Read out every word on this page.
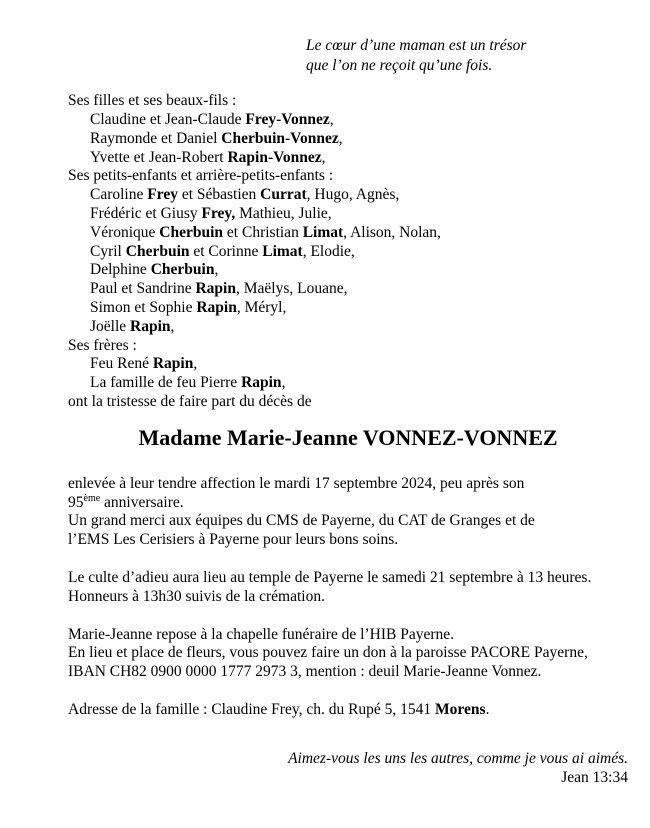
Le cœur d’une maman est un trésor
que l’on ne reçoit qu’une fois.
Ses filles et ses beaux-fils :
Claudine et Jean-Claude Frey-Vonnez,
Raymonde et Daniel Cherbuin-Vonnez,
Yvette et Jean-Robert Rapin-Vonnez,
Ses petits-enfants et arrière-petits-enfants :
Caroline Frey et Sébastien Currat, Hugo, Agnès,
Frédéric et Giusy Frey, Mathieu, Julie,
Véronique Cherbuin et Christian Limat, Alison, Nolan,
Cyril Cherbuin et Corinne Limat, Elodie,
Delphine Cherbuin,
Paul et Sandrine Rapin, Maëlys, Louane,
Simon et Sophie Rapin, Méryl,
Joëlle Rapin,
Ses frères :
Feu René Rapin,
La famille de feu Pierre Rapin,
ont la tristesse de faire part du décès de
Madame Marie-Jeanne VONNEZ-VONNEZ
enlevée à leur tendre affection le mardi 17 septembre 2024, peu après son
95ème anniversaire.
Un grand merci aux équipes du CMS de Payerne, du CAT de Granges et de
l’EMS Les Cerisiers à Payerne pour leurs bons soins.
Le culte d’adieu aura lieu au temple de Payerne le samedi 21 septembre à 13 heures.
Honneurs à 13h30 suivis de la crémation.
Marie-Jeanne repose à la chapelle funéraire de l’HIB Payerne.
En lieu et place de fleurs, vous pouvez faire un don à la paroisse PACORE Payerne,
IBAN CH82 0900 0000 1777 2973 3, mention : deuil Marie-Jeanne Vonnez.
Adresse de la famille : Claudine Frey, ch. du Rupé 5, 1541 Morens.
Aimez-vous les uns les autres, comme je vous ai aimés.
Jean 13:34
